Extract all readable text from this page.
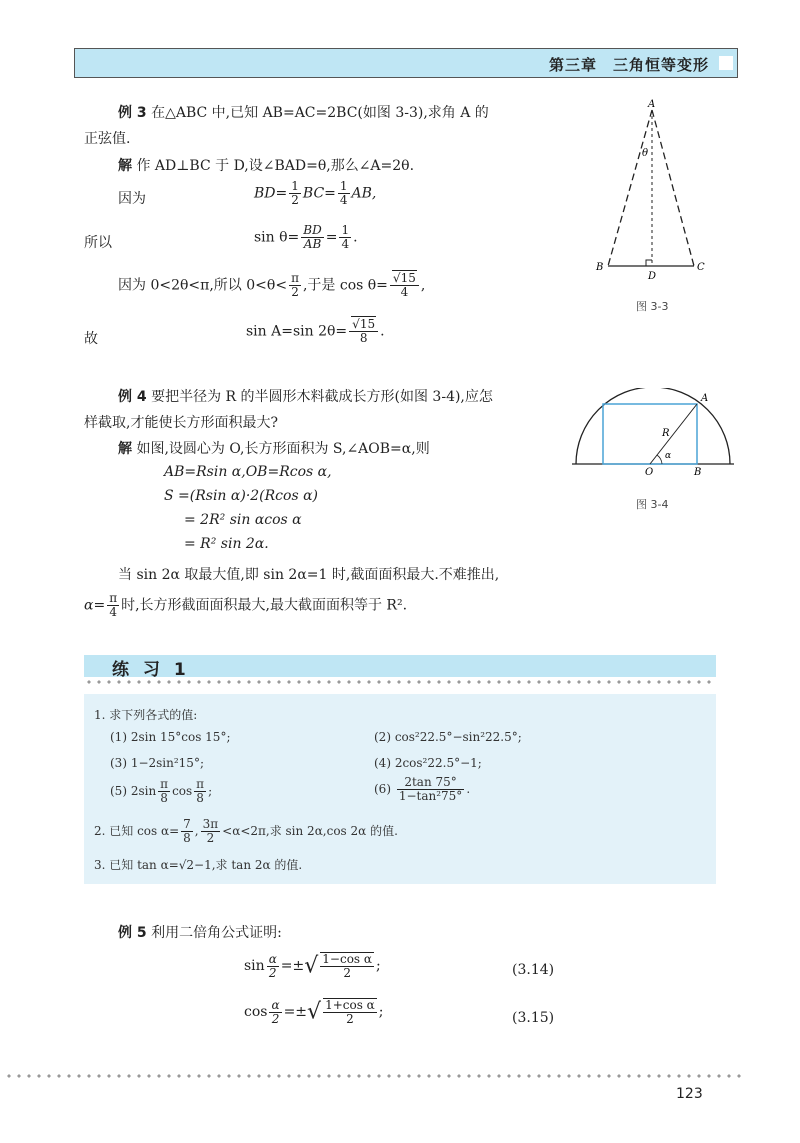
第三章　三角恒等变形
例 3 在△ABC 中,已知 AB=AC=2BC(如图 3-3),求角 A 的
正弦值.
解 作 AD⊥BC 于 D,设∠BAD=θ,那么∠A=2θ.
因为	$BD= \frac{1}{2} BC= \frac{1}{4}$ AB,
所以	$\sin \theta= \frac{BD}{AB} = \frac{1}{4}$ .
因为 0<2θ<π,所以 $0<\theta< \frac{\pi}{2}$ ,于是 cos θ= √ $\frac{15}{4}$ ,
故	sin A=sin 2θ= √ $\frac{15}{8}$ .
A
B	C
D
θ
图 3-3
例 4 要把半径为 R 的半圆形木料截成长方形(如图 3-4),应怎
样截取,才能使长方形面积最大?
解 如图,设圆心为 O,长方形面积为 S,∠AOB=α,则
AB=Rsin α,OB=Rcos α,
S =(Rsin α)·2(Rcos α)
= 2R² sin αcos α
= R² sin 2α.
当 sin 2α 取最大值,即 sin 2α=1 时,截面面积最大.不难推出,
$\alpha= \frac{\pi}{4}$ 时,长方形截面面积最大,最大截面面积等于 R².
A
B
O
R
α
图 3-4
练 习 1
1. 求下列各式的值:
(1) 2sin 15°cos 15°;	(2) cos²22.5°−sin²22.5°;
(3) 1−2sin²15°;	(4) 2cos²22.5°−1;
(5) $2\sin \frac{\pi}{8}$ $\cos \frac{\pi}{8}$ ;	$(6) \frac{2\tan 75^\circ}{\text{1−tan²75°}}$ .
2. 已知 $\cos \alpha= \frac{7}{8}$ , $\frac{3\pi}{2} <\alpha<2\pi$,求 sin 2α,cos 2α 的值.
3. 已知 tan α=√2−1,求 tan 2α 的值.
例 5 利用二倍角公式证明:
$\sin \frac{\alpha}{2}$ =±√ $\frac{\text{1−cos α}}{2}$ ;	(3.14)
$\cos \frac{\alpha}{2}$ =±√ $\frac{\text{1+cos α}}{2}$ ;	(3.15)
123
